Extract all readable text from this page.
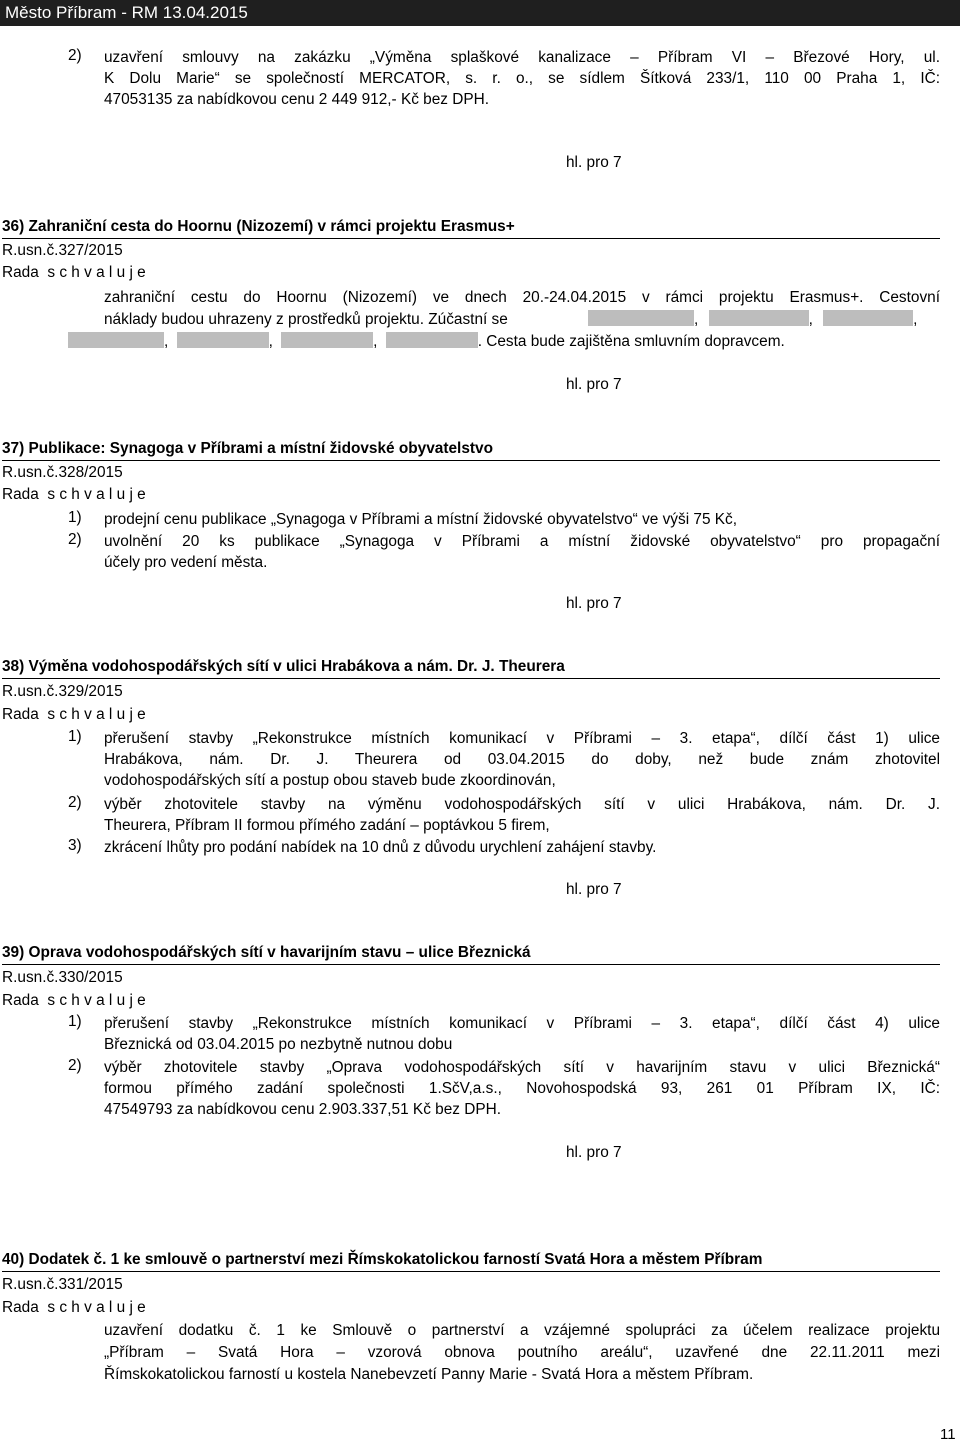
Město Příbram - RM 13.04.2015
2)	uzavření smlouvy na zakázku „Výměna splaškové kanalizace – Příbram VI – Březové Hory, ul.
K Dolu Marie“ se společností MERCATOR, s. r. o., se sídlem Šítková 233/1, 110 00 Praha 1, IČ:
47053135 za nabídkovou cenu 2 449 912,- Kč bez DPH.
hl. pro 7
36) Zahraniční cesta do Hoornu (Nizozemí) v rámci projektu Erasmus+
R.usn.č.327/2015
Rada  s c h v a l u j e
zahraniční cestu do Hoornu (Nizozemí) ve dnech 20.-24.04.2015 v rámci projektu Erasmus+. Cestovní
náklady budou uhrazeny z prostředků projektu. Zúčastní se	,	,	,
,	,	,	. Cesta bude zajištěna smluvním dopravcem.
hl. pro 7
37) Publikace: Synagoga v Příbrami a místní židovské obyvatelstvo
R.usn.č.328/2015
Rada  s c h v a l u j e
1)	prodejní cenu publikace „Synagoga v Příbrami a místní židovské obyvatelstvo“ ve výši 75 Kč,
2)	uvolnění 20 ks publikace „Synagoga v Příbrami a místní židovské obyvatelstvo“ pro propagační
účely pro vedení města.
hl. pro 7
38) Výměna vodohospodářských sítí v ulici Hrabákova a nám. Dr. J. Theurera
R.usn.č.329/2015
Rada  s c h v a l u j e
1)	přerušení stavby „Rekonstrukce místních komunikací v Příbrami – 3. etapa“, dílčí část 1) ulice
Hrabákova, nám. Dr. J. Theurera od 03.04.2015 do doby, než bude znám zhotovitel
vodohospodářských sítí a postup obou staveb bude zkoordinován,
2)	výběr zhotovitele stavby na výměnu vodohospodářských sítí v ulici Hrabákova, nám. Dr. J.
Theurera, Příbram II formou přímého zadání – poptávkou 5 firem,
3)	zkrácení lhůty pro podání nabídek na 10 dnů z důvodu urychlení zahájení stavby.
hl. pro 7
39) Oprava vodohospodářských sítí v havarijním stavu – ulice Březnická
R.usn.č.330/2015
Rada  s c h v a l u j e
1)	přerušení stavby „Rekonstrukce místních komunikací v Příbrami – 3. etapa“, dílčí část 4) ulice
Březnická od 03.04.2015 po nezbytně nutnou dobu
2)	výběr zhotovitele stavby „Oprava vodohospodářských sítí v havarijním stavu v ulici Březnická“
formou přímého zadání společnosti 1.SčV,a.s., Novohospodská 93, 261 01 Příbram IX, IČ:
47549793 za nabídkovou cenu 2.903.337,51 Kč bez DPH.
hl. pro 7
40) Dodatek č. 1 ke smlouvě o partnerství mezi Římskokatolickou farností Svatá Hora a městem Příbram
R.usn.č.331/2015
Rada  s c h v a l u j e
uzavření dodatku č. 1 ke Smlouvě o partnerství a vzájemné spolupráci za účelem realizace projektu
„Příbram – Svatá Hora – vzorová obnova poutního areálu“, uzavřené dne 22.11.2011 mezi
Římskokatolickou farností u kostela Nanebevzetí Panny Marie - Svatá Hora a městem Příbram.
11
